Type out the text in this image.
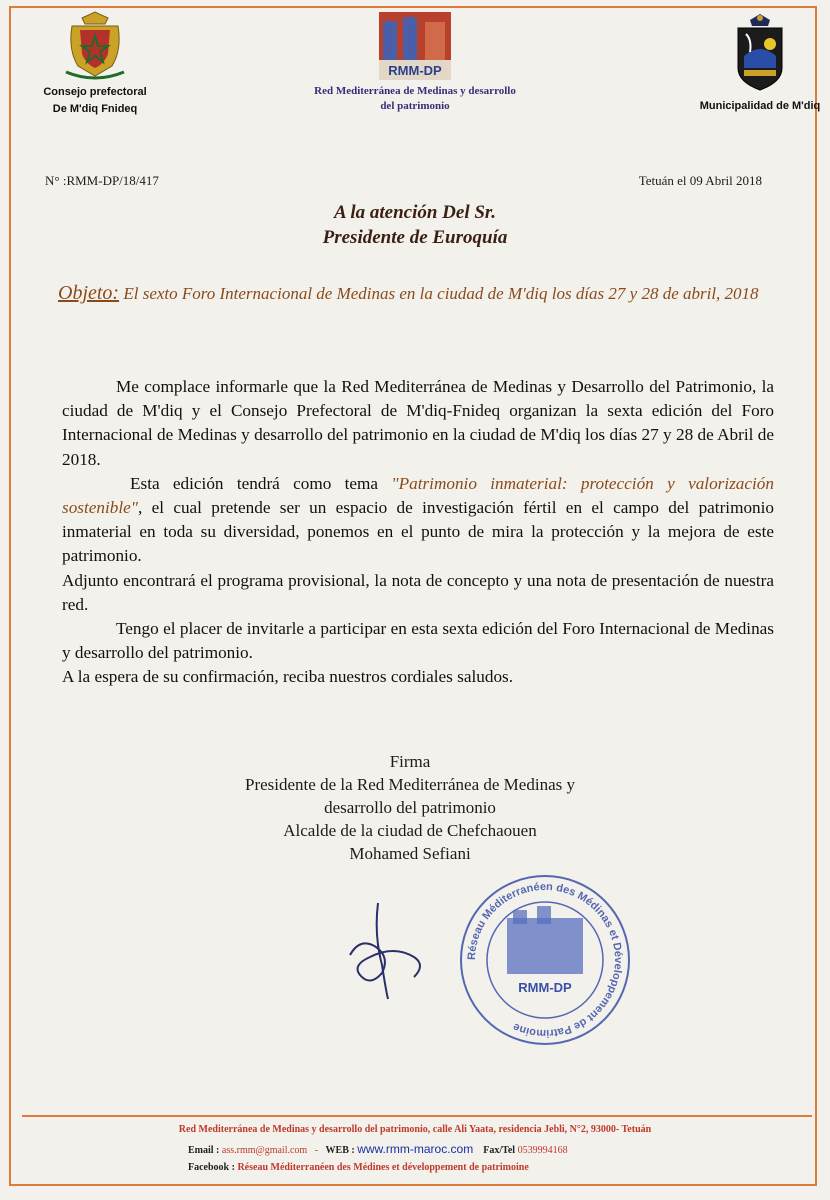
Consejo prefectoral
De M'diq Fnideq
RMM-DP
Red Mediterránea de Medinas y desarrollo
del patrimonio	Municipalidad de M'diq
N° :RMM-DP/18/417	Tetuán el 09 Abril 2018
A la atención Del Sr.
Presidente de Euroquía
Objeto: El sexto Foro Internacional de Medinas en la ciudad de M'diq los días 27 y 28 de abril, 2018

Me complace informarle que la Red Mediterránea de Medinas y Desarrollo del Patrimonio, la ciudad de M'diq y el Consejo Prefectoral de M'diq-Fnideq organizan la sexta edición del Foro Internacional de Medinas y desarrollo del patrimonio en la ciudad de M'diq los días 27 y 28 de Abril de 2018.

Esta edición tendrá como tema "Patrimonio inmaterial: protección y valorización sostenible", el cual pretende ser un espacio de investigación fértil en el campo del patrimonio inmaterial en toda su diversidad, ponemos en el punto de mira la protección y la mejora de este patrimonio.

Adjunto encontrará el programa provisional, la nota de concepto y una nota de presentación de nuestra red.

Tengo el placer de invitarle a participar en esta sexta edición del Foro Internacional de Medinas y desarrollo del patrimonio.

A la espera de su confirmación, reciba nuestros cordiales saludos.

Firma
Presidente de la Red Mediterránea de Medinas y
desarrollo del patrimonio
Alcalde de la ciudad de Chefchaouen
Mohamed Sefiani
Réseau Méditerranéen des Médinas et Développement de Patrimoine
RMM-DP
Red Mediterránea de Medinas y desarrollo del patrimonio, calle Ali Yaata, residencia Jebli, N°2, 93000- Tetuán
Email : ass.rmm@gmail.com   -   WEB : www.rmm-maroc.com Fax/Tel 0539994168
Facebook : Réseau Méditerranéen des Médines et développement de patrimoine
